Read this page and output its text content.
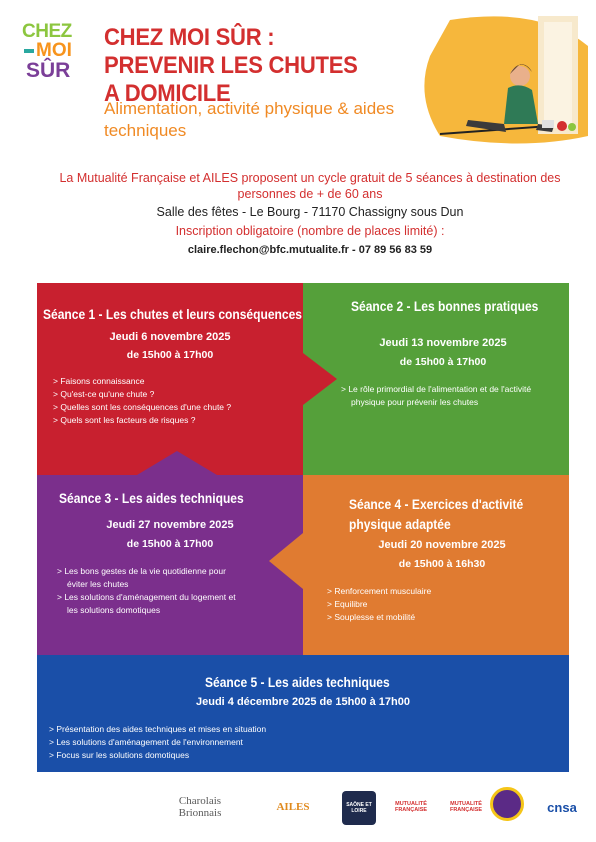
CHEZ
MOI
SÛR
CHEZ MOI SÛR : PREVENIR LES CHUTES A DOMICILE
Alimentation, activité physique & aides techniques
La Mutualité Française et AILES proposent un cycle gratuit de 5 séances à destination des personnes de + de 60 ans
Salle des fêtes - Le Bourg - 71170 Chassigny sous Dun
Inscription obligatoire (nombre de places limité) :
claire.flechon@bfc.mutualite.fr - 07 89 56 83 59
Séance 1 - Les chutes et leurs conséquences
Jeudi 6 novembre 2025
de 15h00 à 17h00
> Faisons connaissance
> Qu'est-ce qu'une chute ?
> Quelles sont les conséquences d'une chute ?
> Quels sont les facteurs de risques ?
Séance 2 - Les bonnes pratiques
Jeudi 13 novembre 2025
de 15h00 à 17h00
> Le rôle primordial de l'alimentation et de l'activité physique pour prévenir les chutes
Séance 3 - Les aides techniques
Jeudi 27 novembre 2025
de 15h00 à 17h00
> Les bons gestes de la vie quotidienne pour éviter les chutes
> Les solutions d'aménagement du logement et les solutions domotiques
Séance 4 - Exercices d'activité
physique adaptée
Jeudi 20 novembre 2025
de 15h00 à 16h30
> Renforcement musculaire
> Equilibre
> Souplesse et mobilité
Séance 5 - Les aides techniques
Jeudi 4 décembre 2025 de 15h00 à 17h00
> Présentation des aides techniques et mises en situation
> Les solutions d'aménagement de l'environnement
> Focus sur les solutions domotiques
Charolais
Brionnais	AILES	SAÔNE ET LOIRE
MUTUALITÉ FRANÇAISE
MUTUALITÉ FRANÇAISE	cnsa
